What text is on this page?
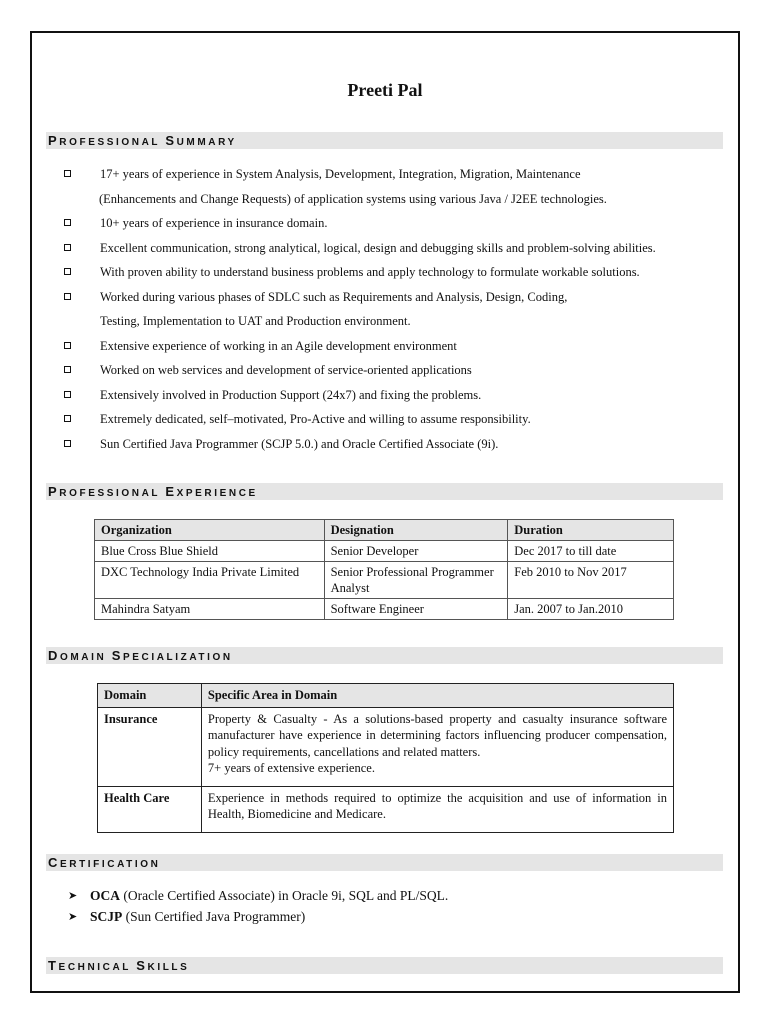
Preeti Pal
PROFESSIONAL SUMMARY
17+ years of experience in System Analysis, Development, Integration, Migration, Maintenance
(Enhancements and Change Requests) of application systems using various Java / J2EE technologies.
10+ years of experience in insurance domain.
Excellent communication, strong analytical, logical, design and debugging skills and problem-solving abilities.
With proven ability to understand business problems and apply technology to formulate workable solutions.
Worked during various phases of SDLC such as Requirements and Analysis, Design, Coding,
Testing, Implementation to UAT and Production environment.
Extensive experience of working in an Agile development environment
Worked on web services and development of service-oriented applications
Extensively involved in Production Support (24x7) and fixing the problems.
Extremely dedicated, self–motivated, Pro-Active and willing to assume responsibility.
Sun Certified Java Programmer (SCJP 5.0.) and Oracle Certified Associate (9i).
PROFESSIONAL EXPERIENCE
Organization	Designation	Duration
Blue Cross Blue Shield	Senior Developer	Dec 2017 to till date
DXC Technology India Private Limited	Senior Professional Programmer Analyst	Feb 2010 to Nov 2017
Mahindra Satyam	Software Engineer	Jan. 2007 to Jan.2010
DOMAIN SPECIALIZATION
Domain	Specific Area in Domain
Insurance	Property & Casualty - As a solutions-based property and casualty insurance software manufacturer have experience in determining factors influencing producer compensation, policy requirements, cancellations and related matters.
7+ years of extensive experience.

Health Care	Experience in methods required to optimize the acquisition and use of information in Health, Biomedicine and Medicare.
CERTIFICATION
➤ OCA (Oracle Certified Associate) in Oracle 9i, SQL and PL/SQL.
➤ SCJP (Sun Certified Java Programmer)
TECHNICAL SKILLS
